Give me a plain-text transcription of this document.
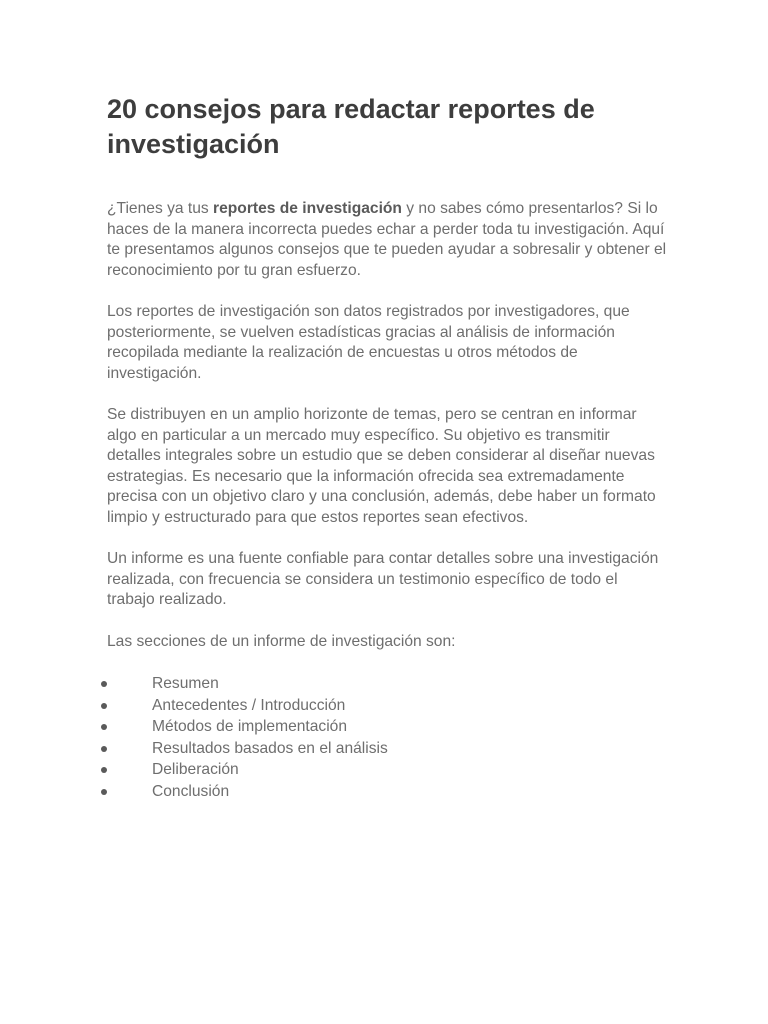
20 consejos para redactar reportes de investigación

¿Tienes ya tus reportes de investigación y no sabes cómo presentarlos? Si lo haces de la manera incorrecta puedes echar a perder toda tu investigación. Aquí te presentamos algunos consejos que te pueden ayudar a sobresalir y obtener el reconocimiento por tu gran esfuerzo.

Los reportes de investigación son datos registrados por investigadores, que posteriormente, se vuelven estadísticas gracias al análisis de información recopilada mediante la realización de encuestas u otros métodos de investigación.

Se distribuyen en un amplio horizonte de temas, pero se centran en informar algo en particular a un mercado muy específico. Su objetivo es transmitir detalles integrales sobre un estudio que se deben considerar al diseñar nuevas estrategias. Es necesario que la información ofrecida sea extremadamente precisa con un objetivo claro y una conclusión, además, debe haber un formato limpio y estructurado para que estos reportes sean efectivos.

Un informe es una fuente confiable para contar detalles sobre una investigación realizada, con frecuencia se considera un testimonio específico de todo el trabajo realizado.

Las secciones de un informe de investigación son:

Resumen
Antecedentes / Introducción
Métodos de implementación
Resultados basados en el análisis
Deliberación
Conclusión
